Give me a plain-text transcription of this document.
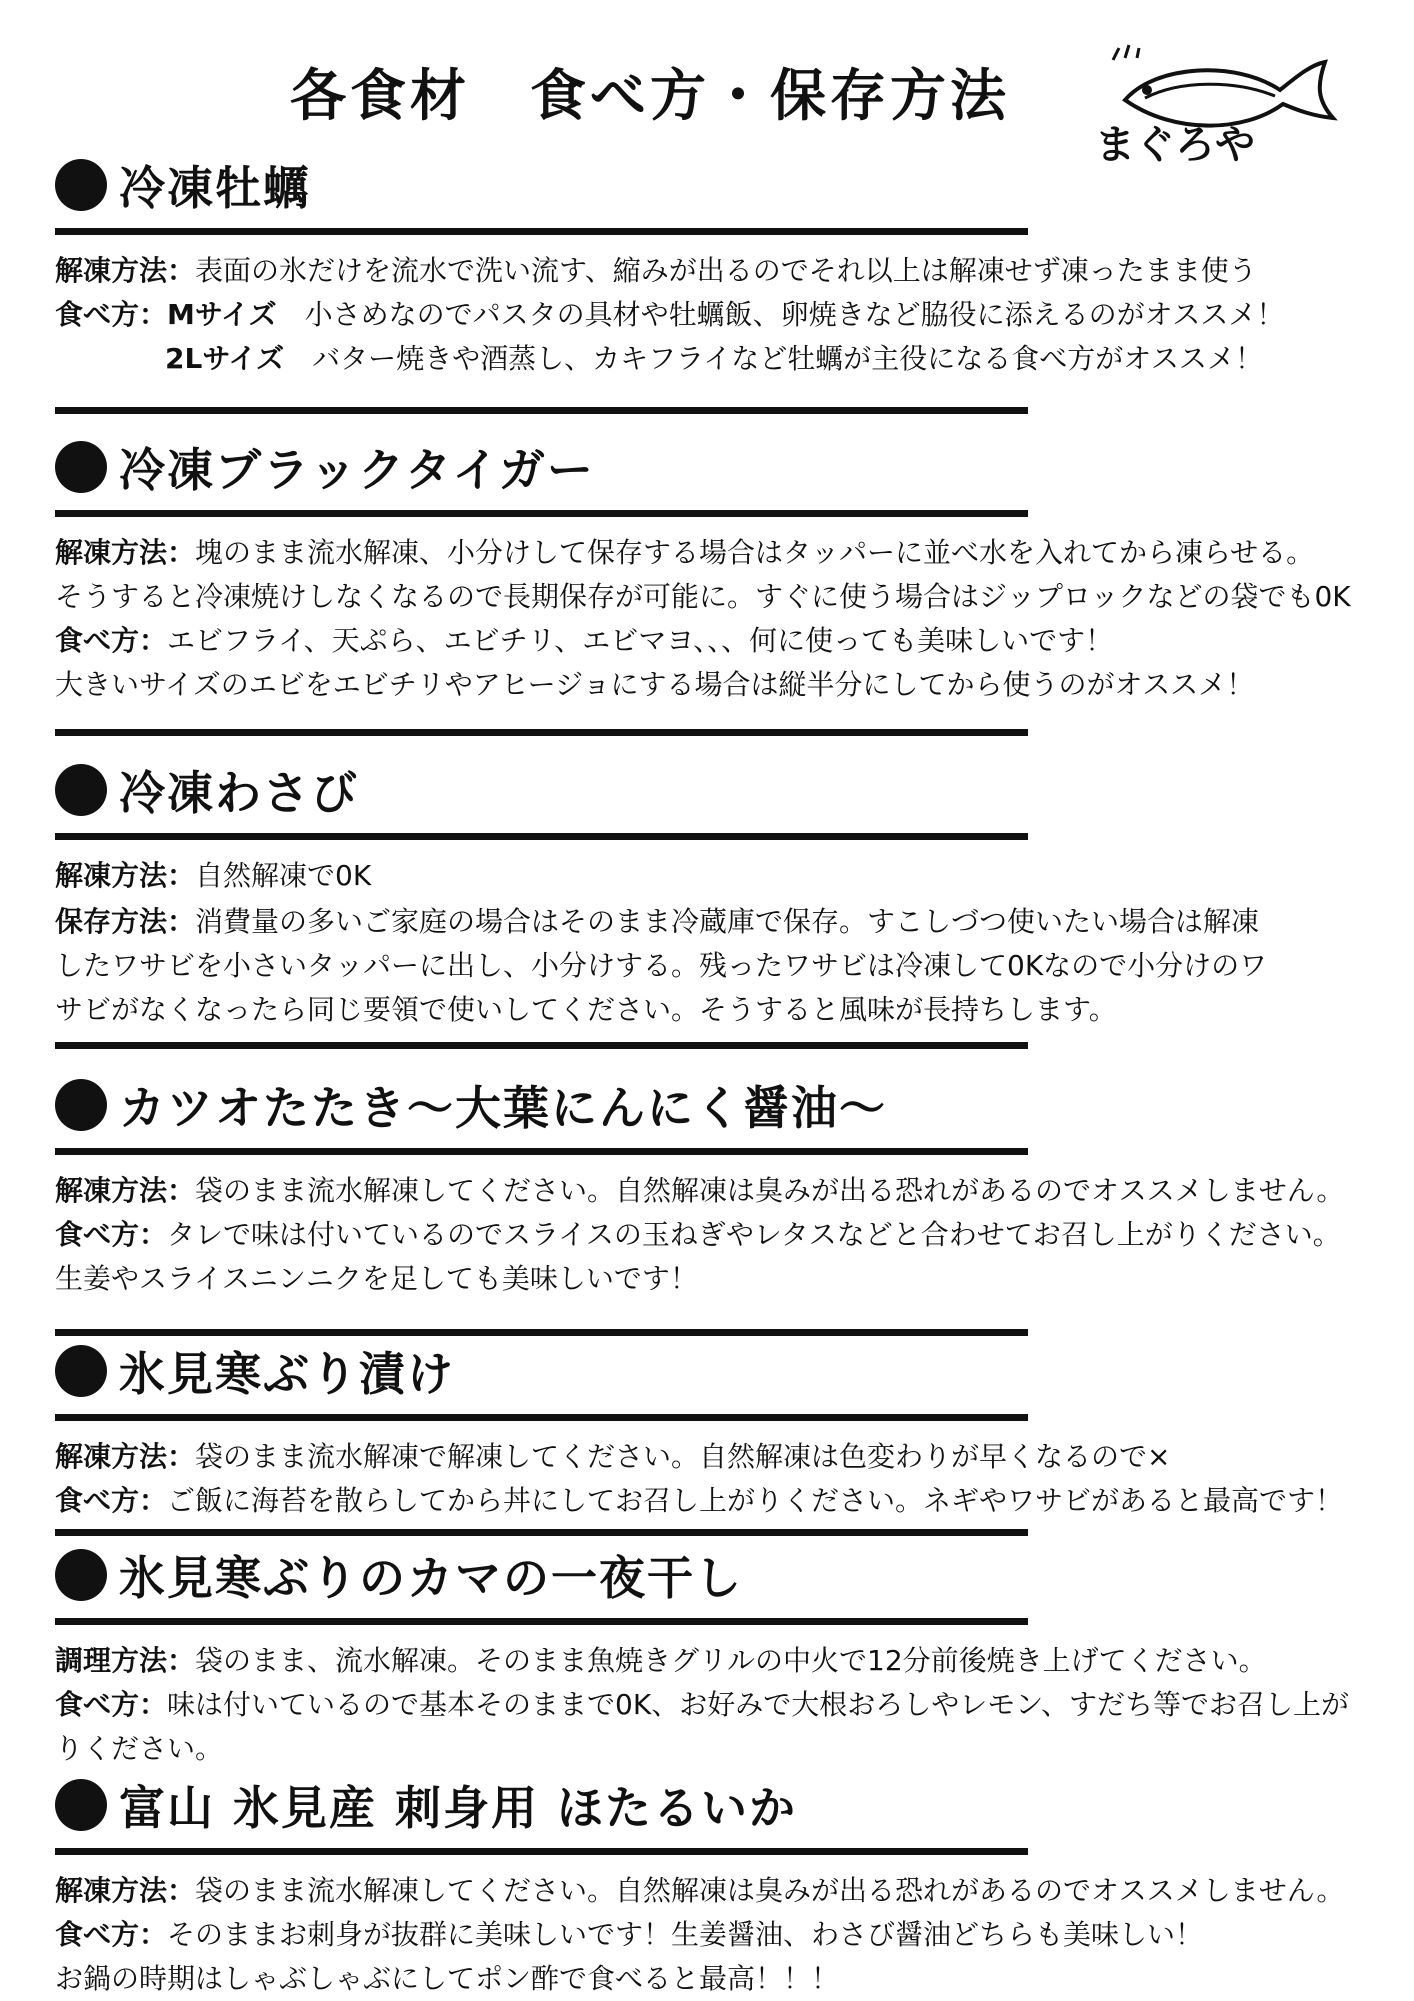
各食材　食べ方・保存方法
まぐろや
冷凍牡蠣
解凍方法：表面の氷だけを流水で洗い流す、縮みが出るのでそれ以上は解凍せず凍ったまま使う
食べ方：Mサイズ　小さめなのでパスタの具材や牡蠣飯、卵焼きなど脇役に添えるのがオススメ！
2Lサイズ　バター焼きや酒蒸し、カキフライなど牡蠣が主役になる食べ方がオススメ！
冷凍ブラックタイガー
解凍方法：塊のまま流水解凍、小分けして保存する場合はタッパーに並べ水を入れてから凍らせる。
そうすると冷凍焼けしなくなるので長期保存が可能に。すぐに使う場合はジップロックなどの袋でも0K
食べ方：エビフライ、天ぷら、エビチリ、エビマヨ、、、何に使っても美味しいです！
大きいサイズのエビをエビチリやアヒージョにする場合は縦半分にしてから使うのがオススメ！
冷凍わさび
解凍方法：自然解凍で0K
保存方法：消費量の多いご家庭の場合はそのまま冷蔵庫で保存。すこしづつ使いたい場合は解凍
したワサビを小さいタッパーに出し、小分けする。残ったワサビは冷凍して0Kなので小分けのワ
サビがなくなったら同じ要領で使いしてください。そうすると風味が長持ちします。
カツオたたき～大葉にんにく醤油～
解凍方法：袋のまま流水解凍してください。自然解凍は臭みが出る恐れがあるのでオススメしません。
食べ方：タレで味は付いているのでスライスの玉ねぎやレタスなどと合わせてお召し上がりください。
生姜やスライスニンニクを足しても美味しいです！
氷見寒ぶり漬け
解凍方法：袋のまま流水解凍で解凍してください。自然解凍は色変わりが早くなるので×
食べ方：ご飯に海苔を散らしてから丼にしてお召し上がりください。ネギやワサビがあると最高です！
氷見寒ぶりのカマの一夜干し
調理方法：袋のまま、流水解凍。そのまま魚焼きグリルの中火で12分前後焼き上げてください。
食べ方：味は付いているので基本そのままで0K、お好みで大根おろしやレモン、すだち等でお召し上が
りください。
富山 氷見産 刺身用 ほたるいか
解凍方法：袋のまま流水解凍してください。自然解凍は臭みが出る恐れがあるのでオススメしません。
食べ方：そのままお刺身が抜群に美味しいです！生姜醤油、わさび醤油どちらも美味しい！
お鍋の時期はしゃぶしゃぶにしてポン酢で食べると最高！！！
